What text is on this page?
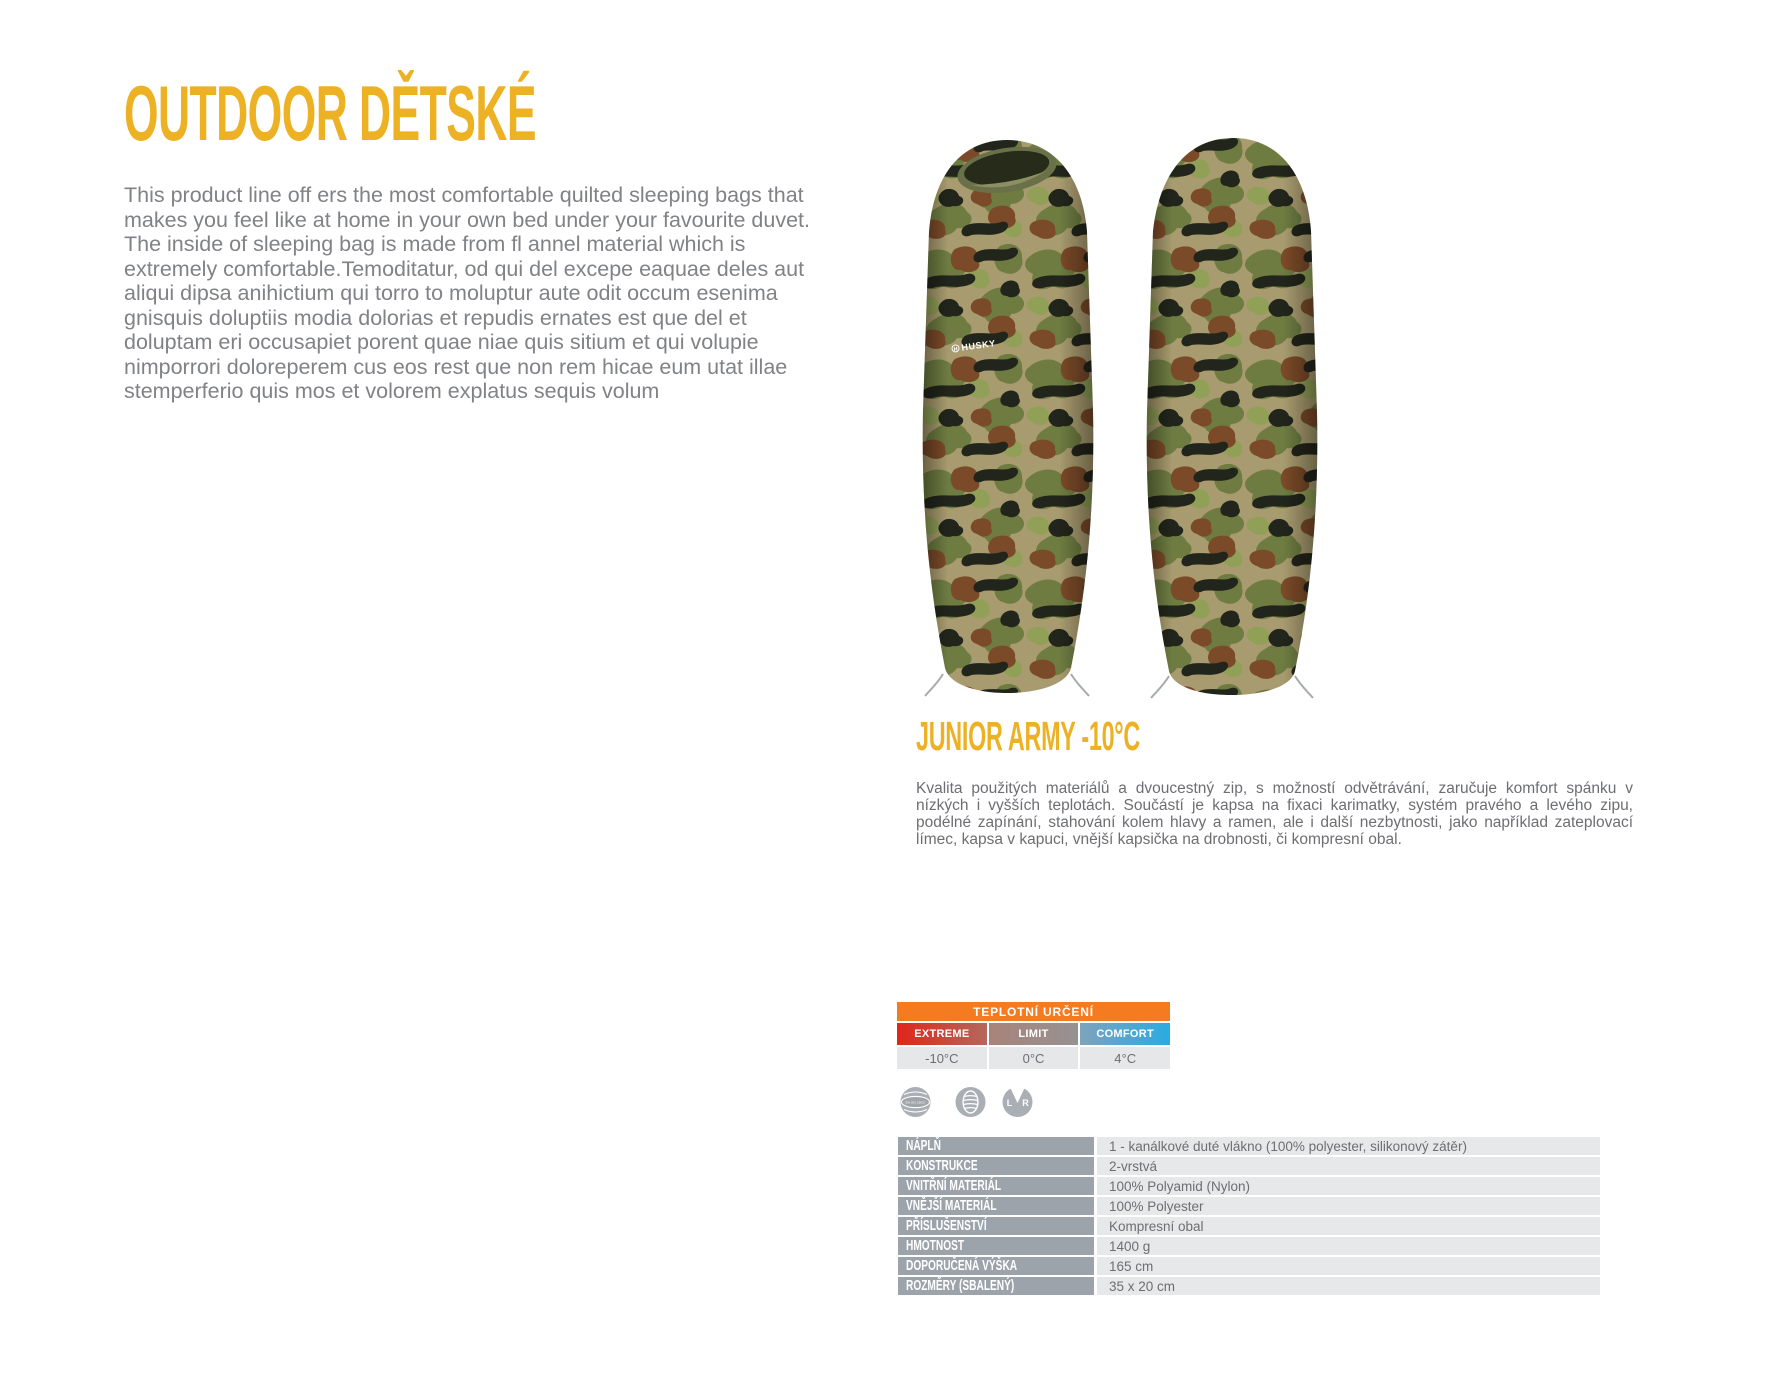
OUTDOOR DĚTSKÉ
This product line off ers the most comfortable quilted sleeping bags that makes you feel like at home in your own bed under your favourite duvet. The inside of sleeping bag is made from fl annel material which is extremely comfortable.Temoditatur, od qui del excepe eaquae deles aut aliqui dipsa anihictium qui torro to moluptur aute odit occum esenima gnisquis doluptiis modia dolorias et repudis ernates est que del et doluptam eri occusapiet porent quae niae quis sitium et qui volupie nimporrori doloreperem cus eos rest que non rem hicae eum utat illae stemperferio quis mos et volorem explatus sequis volum
H HUSKY
JUNIOR ARMY -10°C
Kvalita použitých materiálů a dvoucestný zip, s možností odvětrávání, zaručuje komfort spánku v nízkých i vyšších teplotách. Součástí je kapsa na fixaci karimatky, systém pravého a levého zipu, podélné zapínání, stahování kolem hlavy a ramen, ale i další nezbytnosti, jako například zateplovací límec, kapsa v kapuci, vnější kapsička na drobnosti, či kompresní obal.
TEPLOTNÍ URČENÍ
EXTREME	LIMIT	COMFORT
-10°C	0°C	4°C
EN ISO 23537	L R
NÁPLŇ	1 - kanálkové duté vlákno (100% polyester, silikonový zátěr)
KONSTRUKCE	2-vrstvá
VNITŘNÍ MATERIÁL	100% Polyamid (Nylon)
VNĚJŠÍ MATERIÁL	100% Polyester
PŘÍSLUŠENSTVÍ	Kompresní obal
HMOTNOST	1400 g
DOPORUČENÁ VÝŠKA	165 cm
ROZMĚRY (SBALENÝ)	35 x 20 cm
